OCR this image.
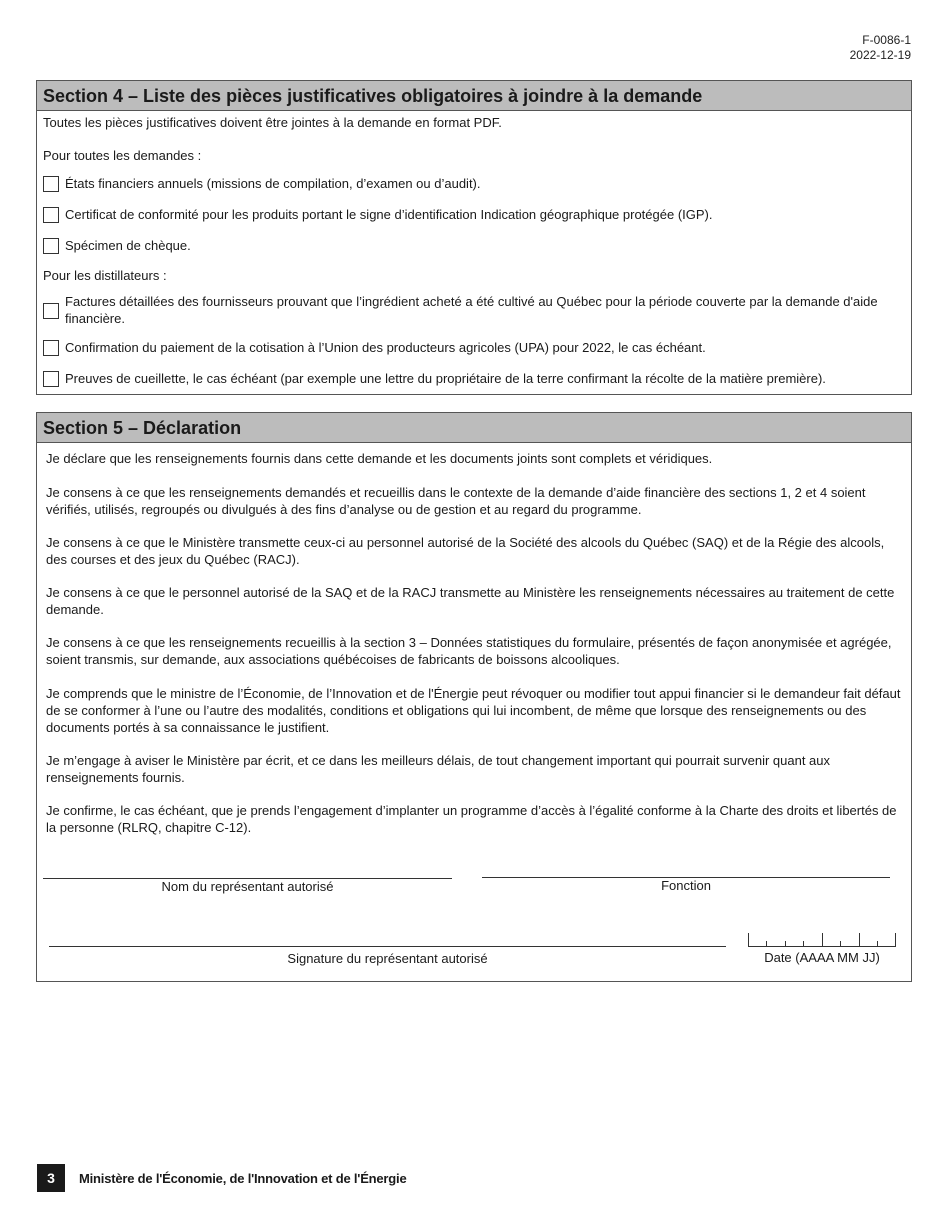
F-0086-1
2022-12-19
Section 4 – Liste des pièces justificatives obligatoires à joindre à la demande
Toutes les pièces justificatives doivent être jointes à la demande en format PDF.
Pour toutes les demandes :
États financiers annuels (missions de compilation, d’examen ou d’audit).
Certificat de conformité pour les produits portant le signe d’identification Indication géographique protégée (IGP).
Spécimen de chèque.
Pour les distillateurs :
Factures détaillées des fournisseurs prouvant que l’ingrédient acheté a été cultivé au Québec pour la période couverte par la demande d'aide financière.
Confirmation du paiement de la cotisation à l’Union des producteurs agricoles (UPA) pour 2022, le cas échéant.
Preuves de cueillette, le cas échéant (par exemple une lettre du propriétaire de la terre confirmant la récolte de la matière première).
Section 5 – Déclaration
Je déclare que les renseignements fournis dans cette demande et les documents joints sont complets et véridiques.
Je consens à ce que les renseignements demandés et recueillis dans le contexte de la demande d’aide financière des sections 1, 2 et 4 soient vérifiés, utilisés, regroupés ou divulgués à des fins d’analyse ou de gestion et au regard du programme.
Je consens à ce que le Ministère transmette ceux-ci au personnel autorisé de la Société des alcools du Québec (SAQ) et de la Régie des alcools, des courses et des jeux du Québec (RACJ).
Je consens à ce que le personnel autorisé de la SAQ et de la RACJ transmette au Ministère les renseignements nécessaires au traitement de cette demande.
Je consens à ce que les renseignements recueillis à la section 3 – Données statistiques du formulaire, présentés de façon anonymisée et agrégée, soient transmis, sur demande, aux associations québécoises de fabricants de boissons alcooliques.
Je comprends que le ministre de l’Économie, de l’Innovation et de l'Énergie peut révoquer ou modifier tout appui financier si le demandeur fait défaut de se conformer à l’une ou l’autre des modalités, conditions et obligations qui lui incombent, de même que lorsque des renseignements ou des documents portés à sa connaissance le justifient.
Je m’engage à aviser le Ministère par écrit, et ce dans les meilleurs délais, de tout changement important qui pourrait survenir quant aux renseignements fournis.
Je confirme, le cas échéant, que je prends l’engagement d’implanter un programme d’accès à l’égalité conforme à la Charte des droits et libertés de la personne (RLRQ, chapitre C-12).
Nom du représentant autorisé	Fonction
Signature du représentant autorisé	Date (AAAA MM JJ)
3	Ministère de l'Économie, de l'Innovation et de l'Énergie
